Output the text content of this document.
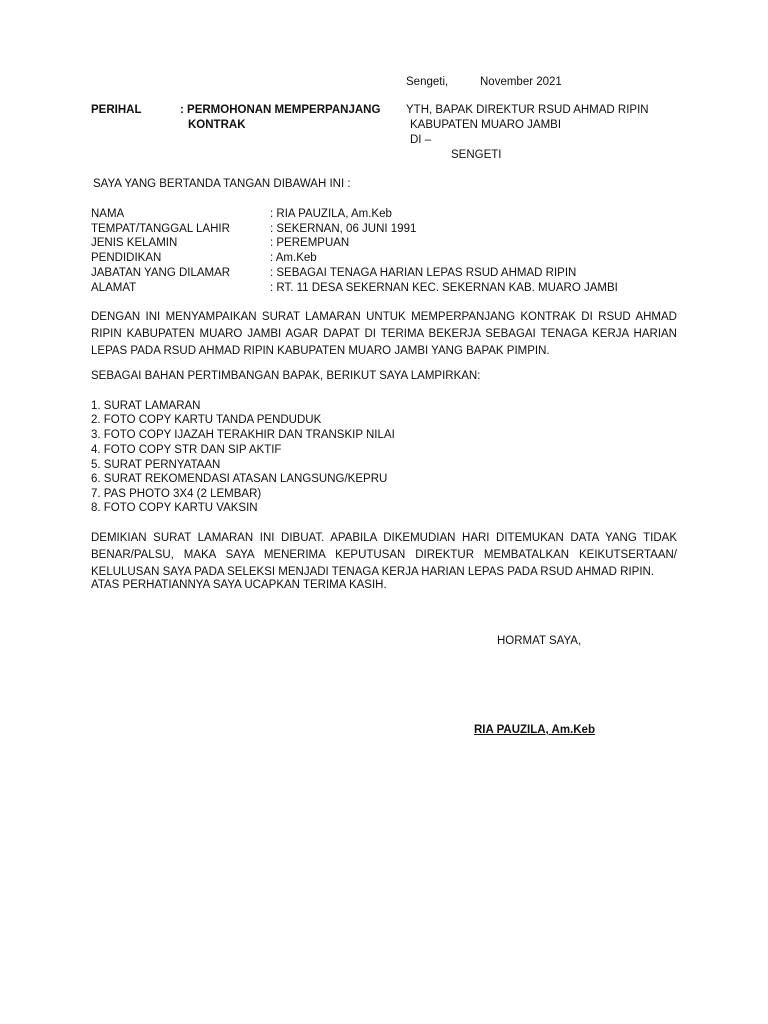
Sengeti,	November 2021
PERIHAL	: PERMOHONAN MEMPERPANJANG
KONTRAK
YTH, BAPAK DIREKTUR RSUD AHMAD RIPIN
KABUPATEN MUARO JAMBI
DI –
SENGETI
SAYA YANG BERTANDA TANGAN DIBAWAH INI :
NAMA	: RIA PAUZILA, Am.Keb
TEMPAT/TANGGAL LAHIR	: SEKERNAN, 06 JUNI 1991
JENIS KELAMIN	: PEREMPUAN
PENDIDIKAN	: Am.Keb
JABATAN YANG DILAMAR	: SEBAGAI TENAGA HARIAN LEPAS RSUD AHMAD RIPIN
ALAMAT	: RT. 11 DESA SEKERNAN KEC. SEKERNAN KAB. MUARO JAMBI
DENGAN INI MENYAMPAIKAN SURAT LAMARAN UNTUK MEMPERPANJANG KONTRAK DI RSUD AHMAD RIPIN KABUPATEN MUARO JAMBI AGAR DAPAT DI TERIMA BEKERJA SEBAGAI TENAGA KERJA HARIAN LEPAS PADA RSUD AHMAD RIPIN KABUPATEN MUARO JAMBI YANG BAPAK PIMPIN.
SEBAGAI BAHAN PERTIMBANGAN BAPAK, BERIKUT SAYA LAMPIRKAN:
1. SURAT LAMARAN
2. FOTO COPY KARTU TANDA PENDUDUK
3. FOTO COPY IJAZAH TERAKHIR DAN TRANSKIP NILAI
4. FOTO COPY STR DAN SIP AKTIF
5. SURAT PERNYATAAN
6. SURAT REKOMENDASI ATASAN LANGSUNG/KEPRU
7. PAS PHOTO 3X4 (2 LEMBAR)
8. FOTO COPY KARTU VAKSIN
DEMIKIAN SURAT LAMARAN INI DIBUAT. APABILA DIKEMUDIAN HARI DITEMUKAN DATA YANG TIDAK BENAR/PALSU, MAKA SAYA MENERIMA KEPUTUSAN DIREKTUR MEMBATALKAN KEIKUTSERTAAN/ KELULUSAN SAYA PADA SELEKSI MENJADI TENAGA KERJA HARIAN LEPAS PADA RSUD AHMAD RIPIN.
ATAS PERHATIANNYA SAYA UCAPKAN TERIMA KASIH.
HORMAT SAYA,
RIA PAUZILA, Am.Keb
